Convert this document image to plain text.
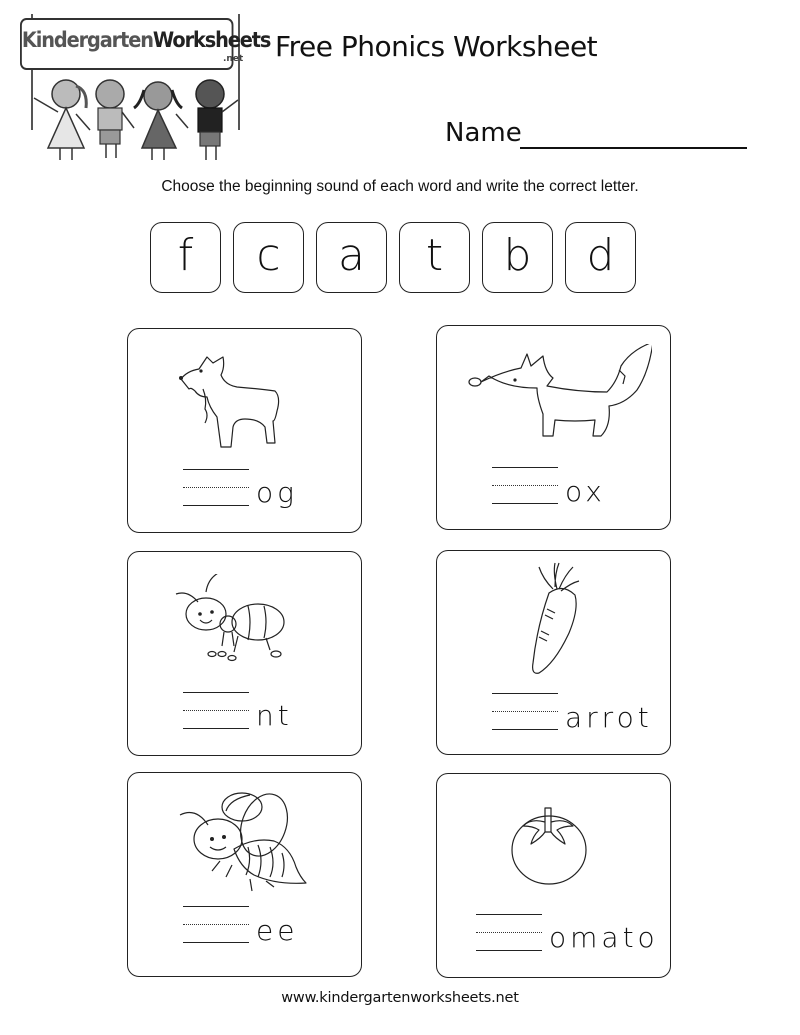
KindergartenWorksheets
.net Free Phonics Worksheet
Name
Choose the beginning sound of each word and write the correct letter.
f	c	a	t	b	d
og	ox
nt	arrot
ee	omato
www.kindergartenworksheets.net
